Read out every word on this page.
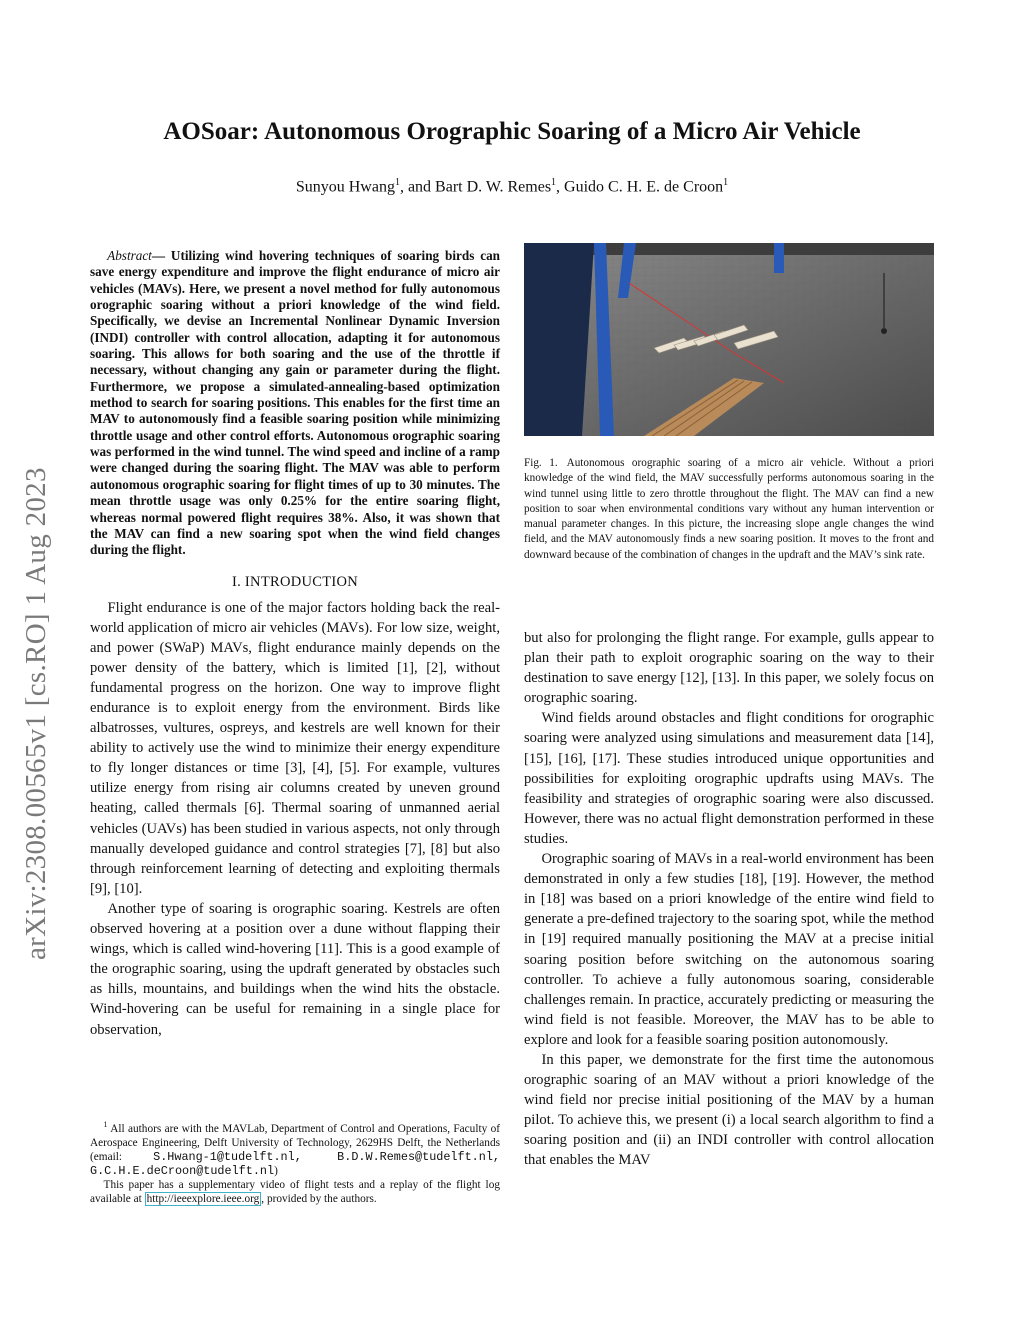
arXiv:2308.00565v1 [cs.RO] 1 Aug 2023
AOSoar: Autonomous Orographic Soaring of a Micro Air Vehicle
Sunyou Hwang$^1$, and Bart D. W. Remes$^1$, Guido C. H. E. de Croon$^1$

Abstract— Utilizing wind hovering techniques of soaring birds can save energy expenditure and improve the flight endurance of micro air vehicles (MAVs). Here, we present a novel method for fully autonomous orographic soaring without a priori knowledge of the wind field. Specifically, we devise an Incremental Nonlinear Dynamic Inversion (INDI) controller with control allocation, adapting it for autonomous soaring. This allows for both soaring and the use of the throttle if necessary, without changing any gain or parameter during the flight. Furthermore, we propose a simulated-annealing-based optimization method to search for soaring positions. This enables for the first time an MAV to autonomously find a feasible soaring position while minimizing throttle usage and other control efforts. Autonomous orographic soaring was performed in the wind tunnel. The wind speed and incline of a ramp were changed during the soaring flight. The MAV was able to perform autonomous orographic soaring for flight times of up to 30 minutes. The mean throttle usage was only 0.25% for the entire soaring flight, whereas normal powered flight requires 38%. Also, it was shown that the MAV can find a new soaring spot when the wind field changes during the flight.

I. INTRODUCTION

Flight endurance is one of the major factors holding back the real-world application of micro air vehicles (MAVs). For low size, weight, and power (SWaP) MAVs, flight endurance mainly depends on the power density of the battery, which is limited [1], [2], without fundamental progress on the horizon. One way to improve flight endurance is to exploit energy from the environment. Birds like albatrosses, vultures, ospreys, and kestrels are well known for their ability to actively use the wind to minimize their energy expenditure to fly longer distances or time [3], [4], [5]. For example, vultures utilize energy from rising air columns created by uneven ground heating, called thermals [6]. Thermal soaring of unmanned aerial vehicles (UAVs) has been studied in various aspects, not only through manually developed guidance and control strategies [7], [8] but also through reinforcement learning of detecting and exploiting thermals [9], [10].

Another type of soaring is orographic soaring. Kestrels are often observed hovering at a position over a dune without flapping their wings, which is called wind-hovering [11]. This is a good example of the orographic soaring, using the updraft generated by obstacles such as hills, mountains, and buildings when the wind hits the obstacle. Wind-hovering can be useful for remaining in a single place for observation,

$^1$ All authors are with the MAVLab, Department of Control and Operations, Faculty of Aerospace Engineering, Delft University of Technology, 2629HS Delft, the Netherlands (email: S.Hwang-1@tudelft.nl, B.D.W.Remes@tudelft.nl, G.C.H.E.deCroon@tudelft.nl)

This paper has a supplementary video of flight tests and a replay of the flight log available at http://ieeexplore.ieee.org , provided by the authors.

Fig. 1. Autonomous orographic soaring of a micro air vehicle. Without a priori knowledge of the wind field, the MAV successfully performs autonomous soaring in the wind tunnel using little to zero throttle throughout the flight. The MAV can find a new position to soar when environmental conditions vary without any human intervention or manual parameter changes. In this picture, the increasing slope angle changes the wind field, and the MAV autonomously finds a new soaring position. It moves to the front and downward because of the combination of changes in the updraft and the MAV’s sink rate.

but also for prolonging the flight range. For example, gulls appear to plan their path to exploit orographic soaring on the way to their destination to save energy [12], [13]. In this paper, we solely focus on orographic soaring.

Wind fields around obstacles and flight conditions for orographic soaring were analyzed using simulations and measurement data [14], [15], [16], [17]. These studies introduced unique opportunities and possibilities for exploiting orographic updrafts using MAVs. The feasibility and strategies of orographic soaring were also discussed. However, there was no actual flight demonstration performed in these studies.

Orographic soaring of MAVs in a real-world environment has been demonstrated in only a few studies [18], [19]. However, the method in [18] was based on a priori knowledge of the entire wind field to generate a pre-defined trajectory to the soaring spot, while the method in [19] required manually positioning the MAV at a precise initial soaring position before switching on the autonomous soaring controller. To achieve a fully autonomous soaring, considerable challenges remain. In practice, accurately predicting or measuring the wind field is not feasible. Moreover, the MAV has to be able to explore and look for a feasible soaring position autonomously.

In this paper, we demonstrate for the first time the autonomous orographic soaring of an MAV without a priori knowledge of the wind field nor precise initial positioning of the MAV by a human pilot. To achieve this, we present (i) a local search algorithm to find a soaring position and (ii) an INDI controller with control allocation that enables the MAV
